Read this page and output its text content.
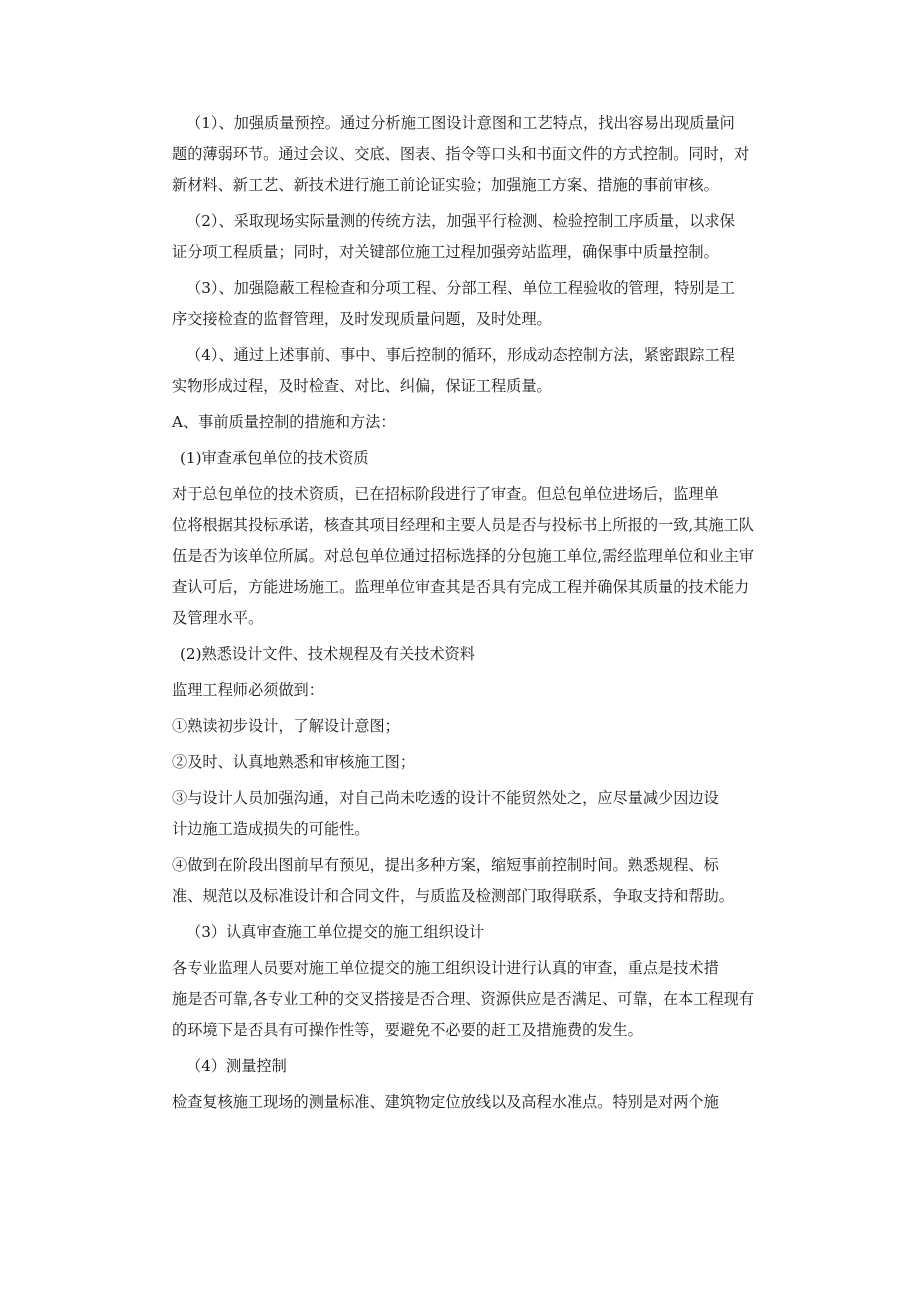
（1）、加强质量预控。通过分析施工图设计意图和工艺特点，找出容易出现质量问
题的薄弱环节。通过会议、交底、图表、指令等口头和书面文件的方式控制。同时，对
新材料、新工艺、新技术进行施工前论证实验；加强施工方案、措施的事前审核。
（2）、采取现场实际量测的传统方法，加强平行检测、检验控制工序质量，以求保
证分项工程质量；同时，对关键部位施工过程加强旁站监理，确保事中质量控制。
（3）、加强隐蔽工程检查和分项工程、分部工程、单位工程验收的管理，特别是工
序交接检查的监督管理，及时发现质量问题，及时处理。
（4）、通过上述事前、事中、事后控制的循环，形成动态控制方法，紧密跟踪工程
实物形成过程，及时检查、对比、纠偏，保证工程质量。
A、事前质量控制的措施和方法：
(1)审查承包单位的技术资质
对于总包单位的技术资质，已在招标阶段进行了审查。但总包单位进场后，监理单
位将根据其投标承诺，核查其项目经理和主要人员是否与投标书上所报的一致,其施工队
伍是否为该单位所属。对总包单位通过招标选择的分包施工单位,需经监理单位和业主审
查认可后，方能进场施工。监理单位审查其是否具有完成工程并确保其质量的技术能力
及管理水平。
(2)熟悉设计文件、技术规程及有关技术资料
监理工程师必须做到：
①熟读初步设计，了解设计意图；
②及时、认真地熟悉和审核施工图；
③与设计人员加强沟通，对自己尚未吃透的设计不能贸然处之，应尽量减少因边设
计边施工造成损失的可能性。
④做到在阶段出图前早有预见，提出多种方案，缩短事前控制时间。熟悉规程、标
准、规范以及标准设计和合同文件，与质监及检测部门取得联系，争取支持和帮助。
（3）认真审查施工单位提交的施工组织设计
各专业监理人员要对施工单位提交的施工组织设计进行认真的审查，重点是技术措
施是否可靠,各专业工种的交叉搭接是否合理、资源供应是否满足、可靠，在本工程现有
的环境下是否具有可操作性等，要避免不必要的赶工及措施费的发生。
（4）测量控制
检查复核施工现场的测量标准、建筑物定位放线以及高程水准点。特别是对两个施
